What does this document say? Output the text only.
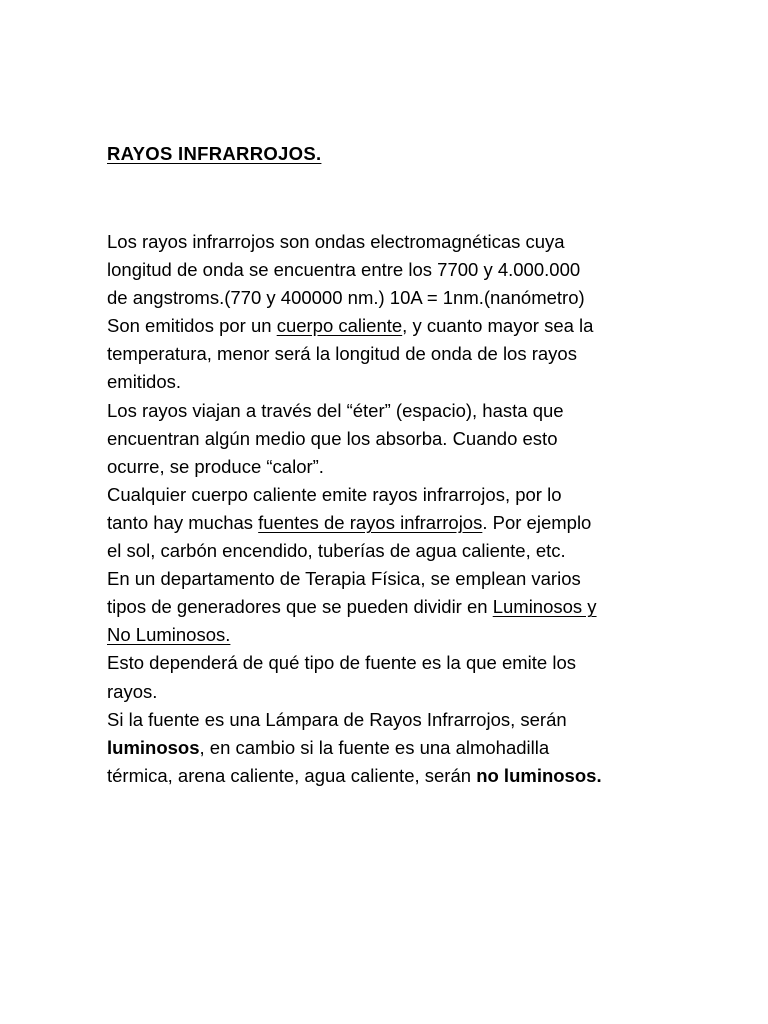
RAYOS INFRARROJOS.
Los rayos infrarrojos son ondas electromagnéticas cuya
longitud de onda se encuentra entre los 7700 y 4.000.000
de angstroms.(770 y 400000 nm.) 10A = 1nm.(nanómetro)
Son emitidos por un cuerpo caliente, y cuanto mayor sea la
temperatura, menor será la longitud de onda de los rayos
emitidos.
Los rayos viajan a través del “éter” (espacio), hasta que
encuentran algún medio que los absorba. Cuando esto
ocurre, se produce “calor”.
Cualquier cuerpo caliente emite rayos infrarrojos, por lo
tanto hay muchas fuentes de rayos infrarrojos. Por ejemplo
el sol, carbón encendido, tuberías de agua caliente, etc.
En un departamento de Terapia Física, se emplean varios
tipos de generadores que se pueden dividir en Luminosos y
No Luminosos.
Esto dependerá de qué tipo de fuente es la que emite los
rayos.
Si la fuente es una Lámpara de Rayos Infrarrojos, serán
luminosos, en cambio si la fuente es una almohadilla
térmica, arena caliente, agua caliente, serán no luminosos.
